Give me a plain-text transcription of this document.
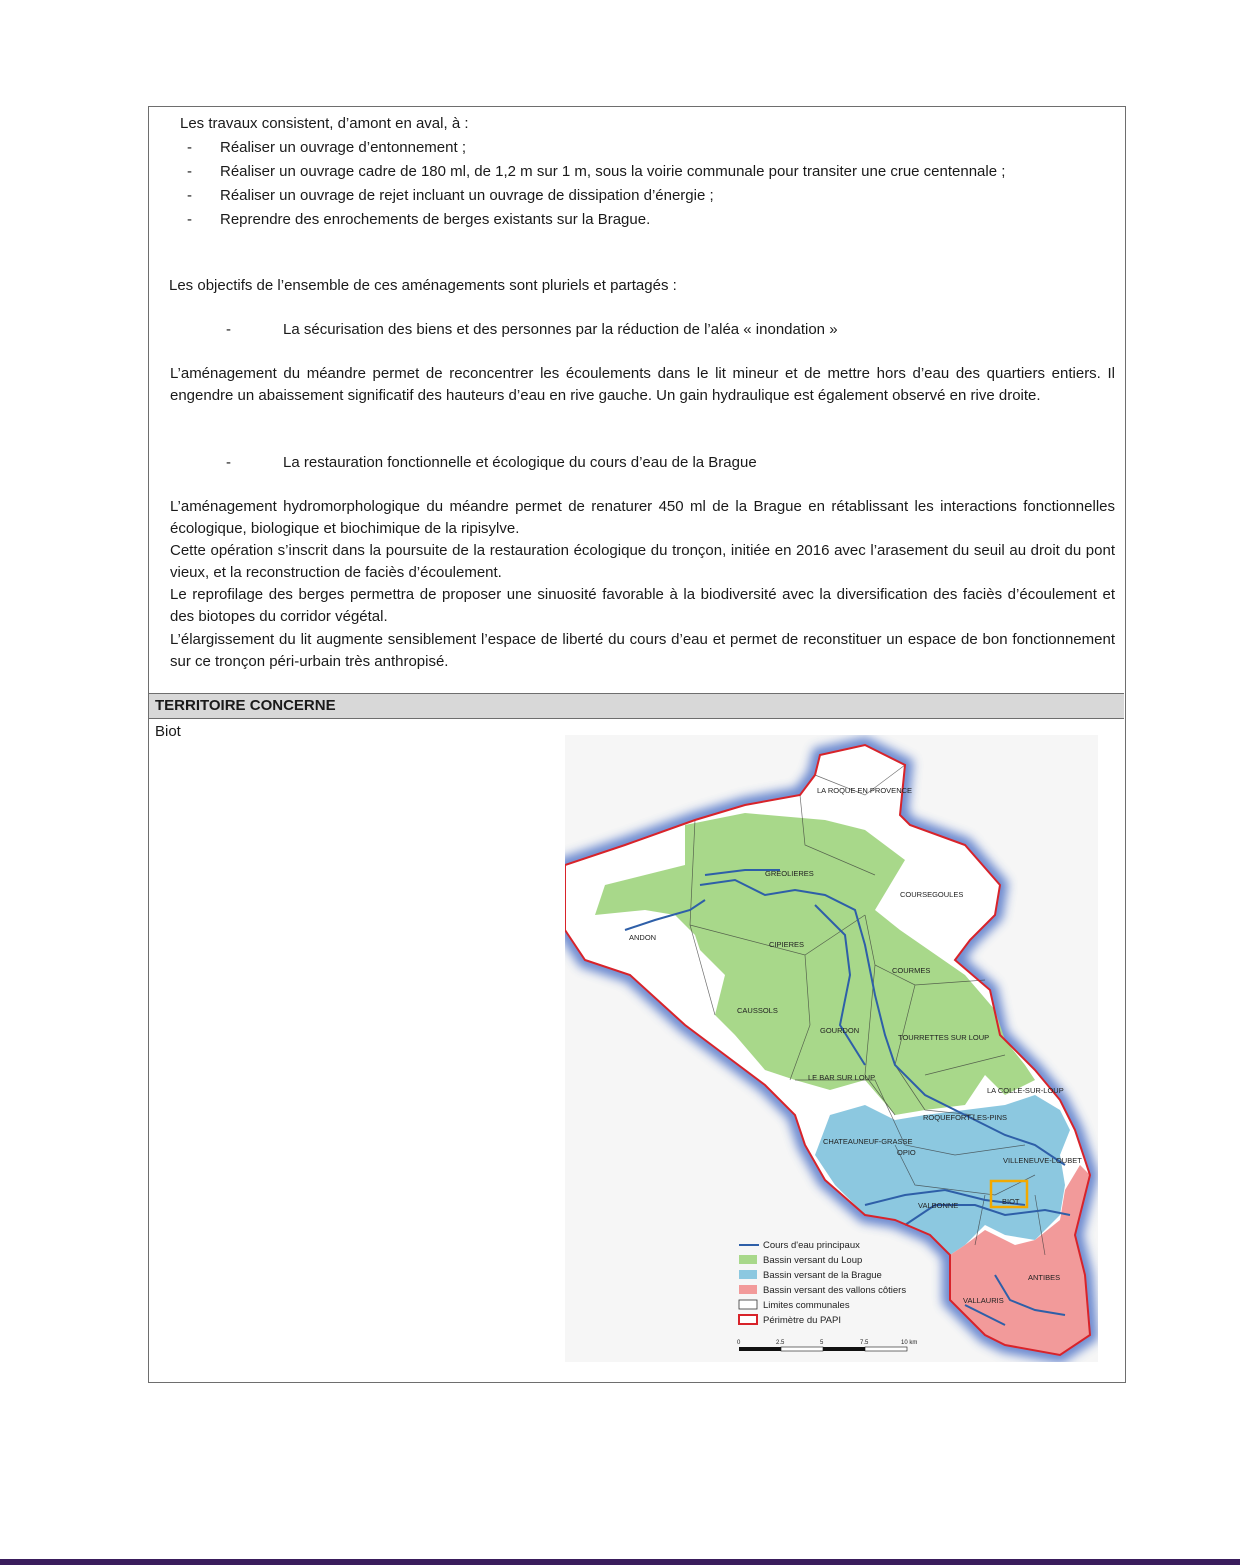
Les travaux consistent, d’amont en aval, à :
- Réaliser un ouvrage d’entonnement ;
- Réaliser un ouvrage cadre de 180 ml, de 1,2 m sur 1 m, sous la voirie communale pour transiter une crue centennale ;
- Réaliser un ouvrage de rejet incluant un ouvrage de dissipation d’énergie ;
- Reprendre des enrochements de berges existants sur la Brague.
Les objectifs de l’ensemble de ces aménagements sont pluriels et partagés :
-	La sécurisation des biens et des personnes par la réduction de l’aléa « inondation »

L’aménagement du méandre permet de reconcentrer les écoulements dans le lit mineur et de mettre hors d’eau des quartiers entiers. Il engendre un abaissement significatif des hauteurs d’eau en rive gauche. Un gain hydraulique est également observé en rive droite.

-	La restauration fonctionnelle et écologique du cours d’eau de la Brague

L’aménagement hydromorphologique du méandre permet de renaturer 450 ml de la Brague en rétablissant les interactions fonctionnelles écologique, biologique et biochimique de la ripisylve.

Cette opération s’inscrit dans la poursuite de la restauration écologique du tronçon, initiée en 2016 avec l’arasement du seuil au droit du pont vieux, et la reconstruction de faciès d’écoulement.

Le reprofilage des berges permettra de proposer une sinuosité favorable à la biodiversité avec la diversification des faciès d’écoulement et des biotopes du corridor végétal.

L’élargissement du lit augmente sensiblement l’espace de liberté du cours d’eau et permet de reconstituer un espace de bon fonctionnement sur ce tronçon péri-urbain très anthropisé.

TERRITOIRE CONCERNE
Biot
LA ROQUE EN PROVENCE
GREOLIERES
COURSEGOULES
ANDON
CIPIERES
COURMES
CAUSSOLS
GOURDON
TOURRETTES SUR LOUP
LE BAR SUR LOUP
LA COLLE-SUR-LOUP
ROQUEFORT-LES-PINS
CHATEAUNEUF-GRASSE
OPIO
VILLENEUVE-LOUBET
VALBONNE	BIOT
ANTIBES
VALLAURIS
Cours d'eau principaux
Bassin versant du Loup
Bassin versant de la Brague
Bassin versant des vallons côtiers
Limites communales
Périmètre du PAPI
0	2.5	5	7.5	10 km
